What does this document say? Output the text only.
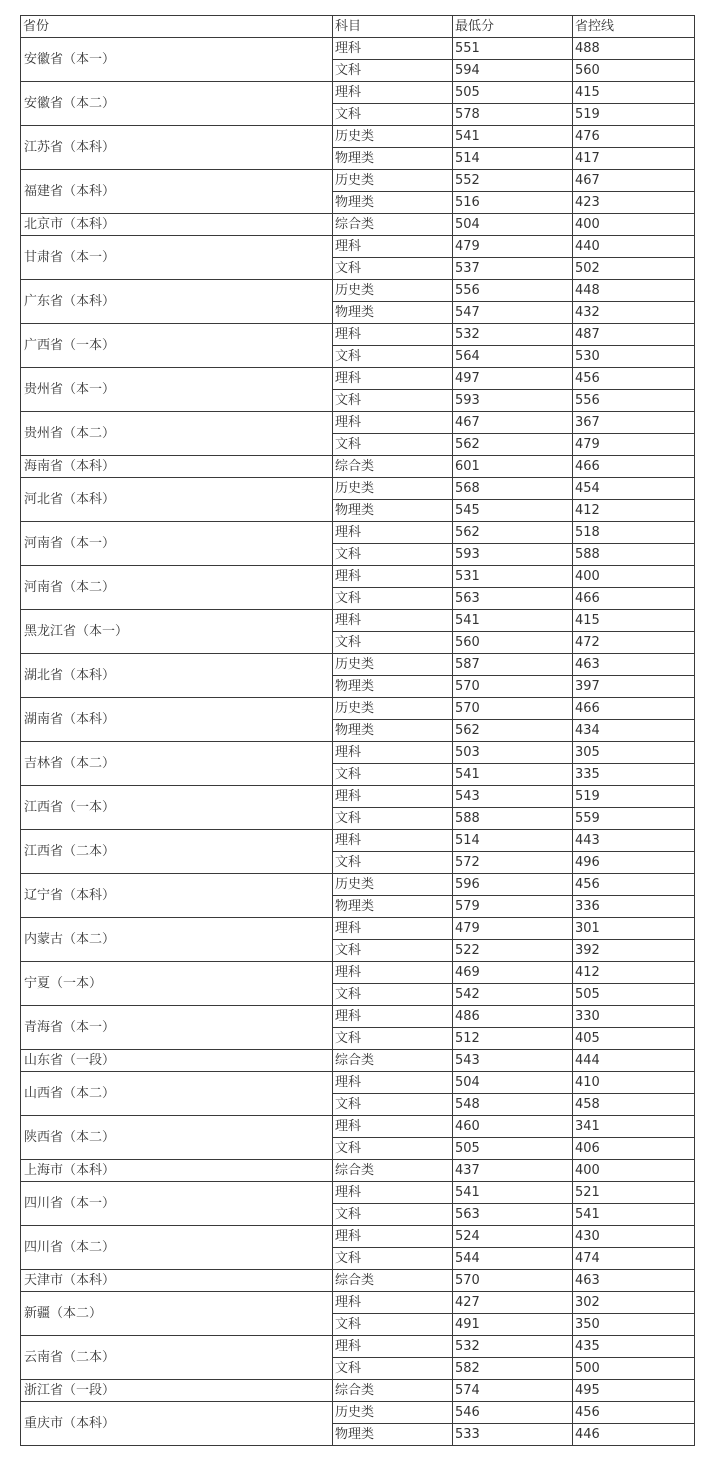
省份	科目	最低分	省控线
安徽省（本一）	理科	551	488
	文科	594	560
安徽省（本二）	理科	505	415
	文科	578	519
江苏省（本科）	历史类	541	476
	物理类	514	417
福建省（本科）	历史类	552	467
	物理类	516	423
北京市（本科）	综合类	504	400
甘肃省（本一）	理科	479	440
	文科	537	502
广东省（本科）	历史类	556	448
	物理类	547	432
广西省（一本）	理科	532	487
	文科	564	530
贵州省（本一）	理科	497	456
	文科	593	556
贵州省（本二）	理科	467	367
	文科	562	479
海南省（本科）	综合类	601	466
河北省（本科）	历史类	568	454
	物理类	545	412
河南省（本一）	理科	562	518
	文科	593	588
河南省（本二）	理科	531	400
	文科	563	466
黑龙江省（本一）	理科	541	415
	文科	560	472
湖北省（本科）	历史类	587	463
	物理类	570	397
湖南省（本科）	历史类	570	466
	物理类	562	434
吉林省（本二）	理科	503	305
	文科	541	335
江西省（一本）	理科	543	519
	文科	588	559
江西省（二本）	理科	514	443
	文科	572	496
辽宁省（本科）	历史类	596	456
	物理类	579	336
内蒙古（本二）	理科	479	301
	文科	522	392
宁夏（一本）	理科	469	412
	文科	542	505
青海省（本一）	理科	486	330
	文科	512	405
山东省（一段）	综合类	543	444
山西省（本二）	理科	504	410
	文科	548	458
陕西省（本二）	理科	460	341
	文科	505	406
上海市（本科）	综合类	437	400
四川省（本一）	理科	541	521
	文科	563	541
四川省（本二）	理科	524	430
	文科	544	474
天津市（本科）	综合类	570	463
新疆（本二）	理科	427	302
	文科	491	350
云南省（二本）	理科	532	435
	文科	582	500
浙江省（一段）	综合类	574	495
重庆市（本科）	历史类	546	456
	物理类	533	446
